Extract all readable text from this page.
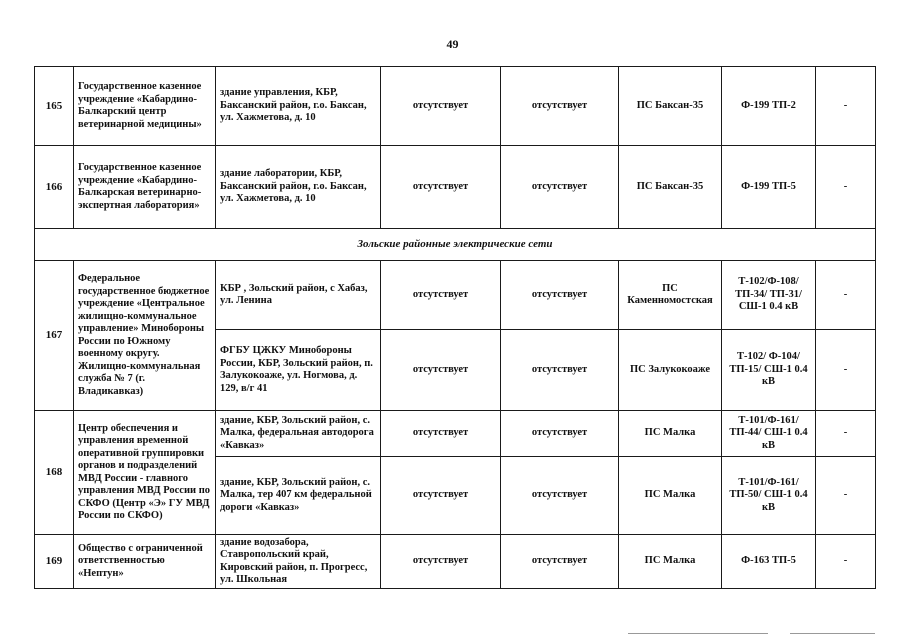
49
165	Государственное казенное учреждение «Кабардино-Балкарский центр ветеринарной медицины»	здание управления, КБР, Баксанский район, г.о. Баксан, ул. Хажметова, д. 10	отсутствует	отсутствует	ПС Баксан-35	Ф-199 ТП-2	-
166	Государственное казенное учреждение «Кабардино-Балкарская ветеринарно-экспертная лаборатория»	здание лаборатории, КБР, Баксанский район, г.о. Баксан, ул. Хажметова, д. 10	отсутствует	отсутствует	ПС Баксан-35	Ф-199 ТП-5	-
Зольские районные электрические сети							
167	Федеральное государственное бюджетное учреждение «Центральное жилищно-коммунальное управление» Минобороны России по Южному военному округу. Жилищно-коммунальная служба № 7 (г. Владикавказ)	КБР , Зольский район, с Хабаз, ул. Ленина	отсутствует	отсутствует	ПС Каменномостская	Т-102/Ф-108/ТП-34/ ТП-31/СШ-1 0.4 кВ	-
		ФГБУ ЦЖКУ Минобороны России, КБР, Зольский район, п. Залукокоаже, ул. Ногмова, д. 129, в/г 41	отсутствует	отсутствует	ПС Залукокоаже	Т-102/ Ф-104/ТП-15/ СШ-1 0.4 кВ	-
168	Центр обеспечения и управления временной оперативной группировки органов и подразделений МВД России - главного управления МВД России по СКФО (Центр «Э» ГУ МВД России по СКФО)	здание, КБР, Зольский район, с. Малка, федеральная автодорога «Кавказ»	отсутствует	отсутствует	ПС Малка	Т-101/Ф-161/ТП-44/ СШ-1 0.4 кВ	-
		здание, КБР, Зольский район, с. Малка, тер 407 км федеральной дороги «Кавказ»	отсутствует	отсутствует	ПС Малка	Т-101/Ф-161/ТП-50/ СШ-1 0.4 кВ	-
169	Общество с ограниченной ответственностью «Нептун»	здание водозабора, Ставропольский край, Кировский район, п. Прогресс, ул. Школьная	отсутствует	отсутствует	ПС Малка	Ф-163 ТП-5	-
